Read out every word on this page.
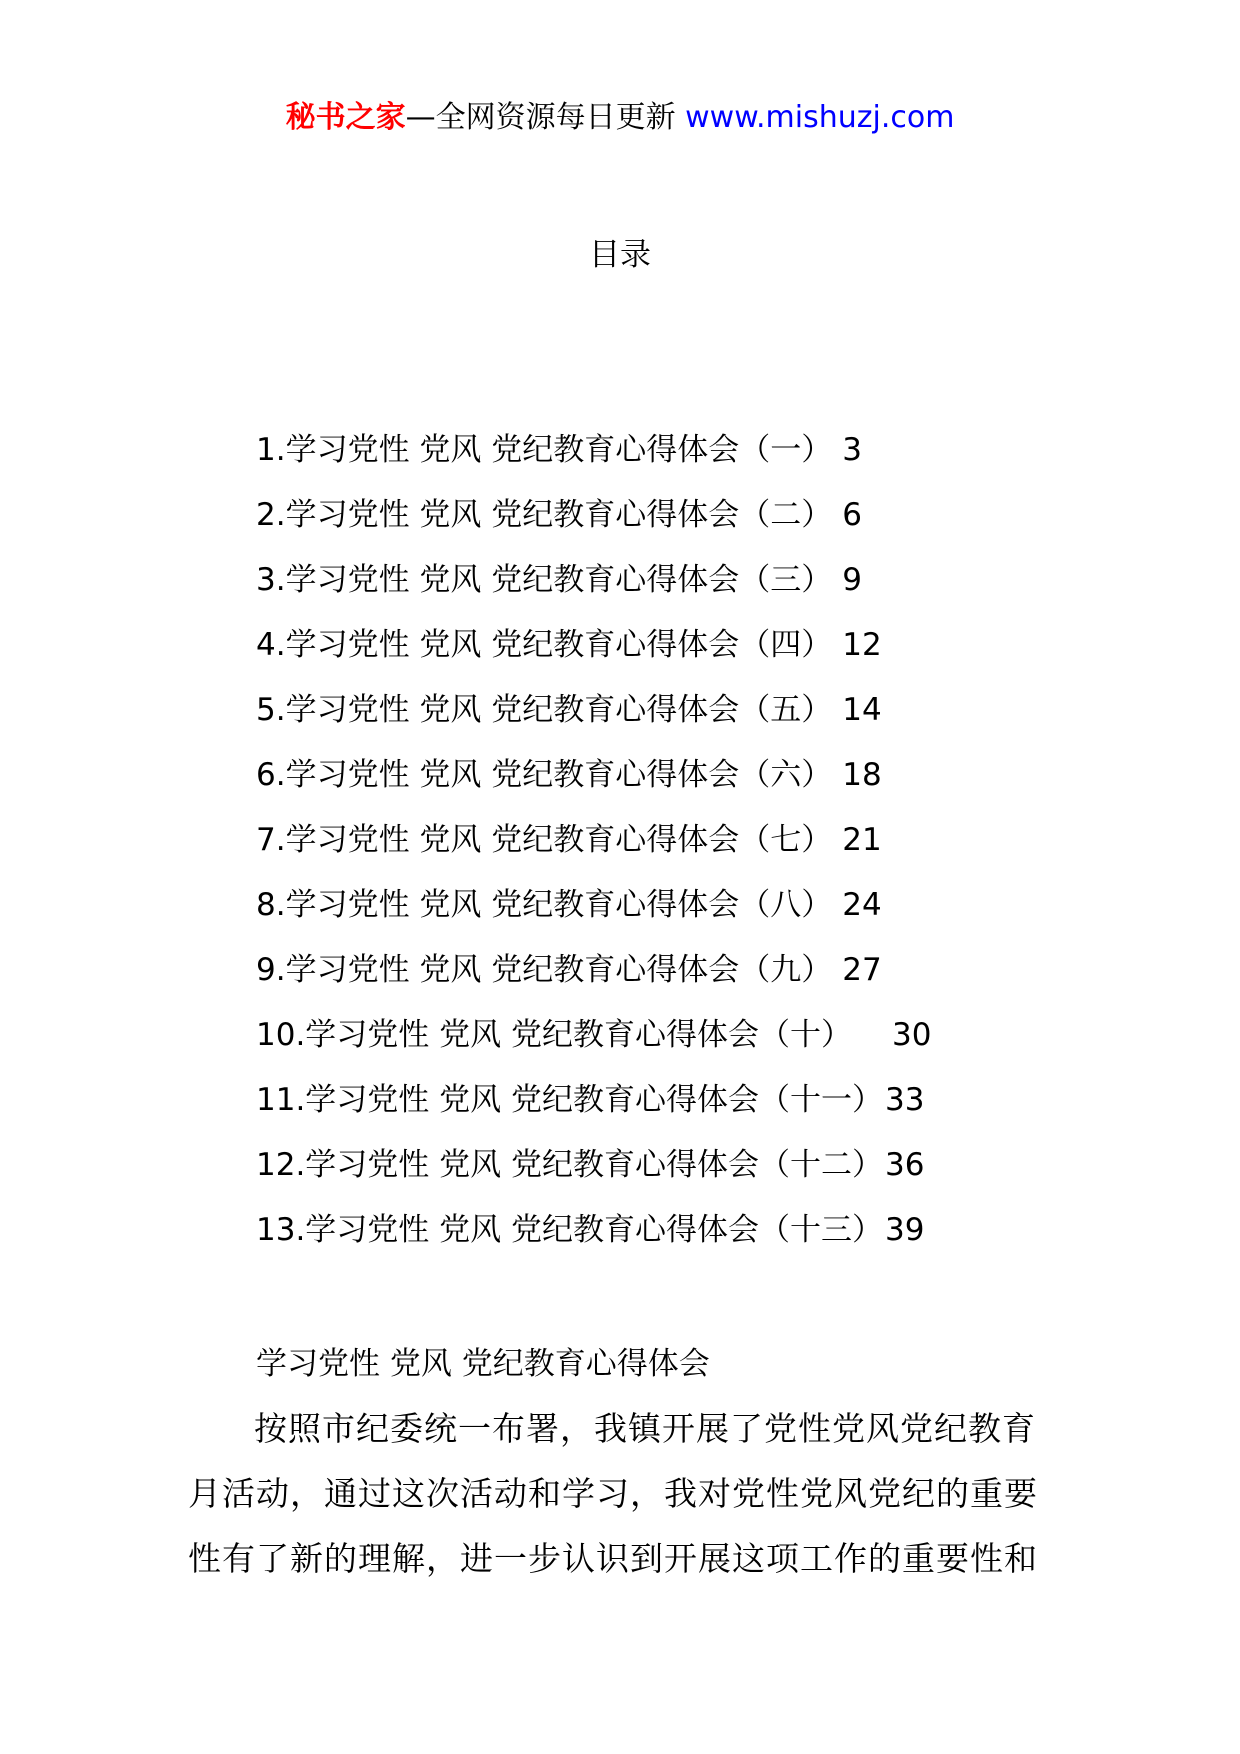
秘书之家—全网资源每日更新 www.mishuzj.com
目录
1.学习党性 党风 党纪教育心得体会（一） 3
2.学习党性 党风 党纪教育心得体会（二） 6
3.学习党性 党风 党纪教育心得体会（三） 9
4.学习党性 党风 党纪教育心得体会（四） 12
5.学习党性 党风 党纪教育心得体会（五） 14
6.学习党性 党风 党纪教育心得体会（六） 18
7.学习党性 党风 党纪教育心得体会（七） 21
8.学习党性 党风 党纪教育心得体会（八） 24
9.学习党性 党风 党纪教育心得体会（九） 27
10.学习党性 党风 党纪教育心得体会（十） 30
11.学习党性 党风 党纪教育心得体会（十一）33
12.学习党性 党风 党纪教育心得体会（十二）36
13.学习党性 党风 党纪教育心得体会（十三）39
学习党性 党风 党纪教育心得体会
按照市纪委统一布署，我镇开展了党性党风党纪教育月活动，通过这次活动和学习，我对党性党风党纪的重要性有了新的理解，进一步认识到开展这项工作的重要性和
